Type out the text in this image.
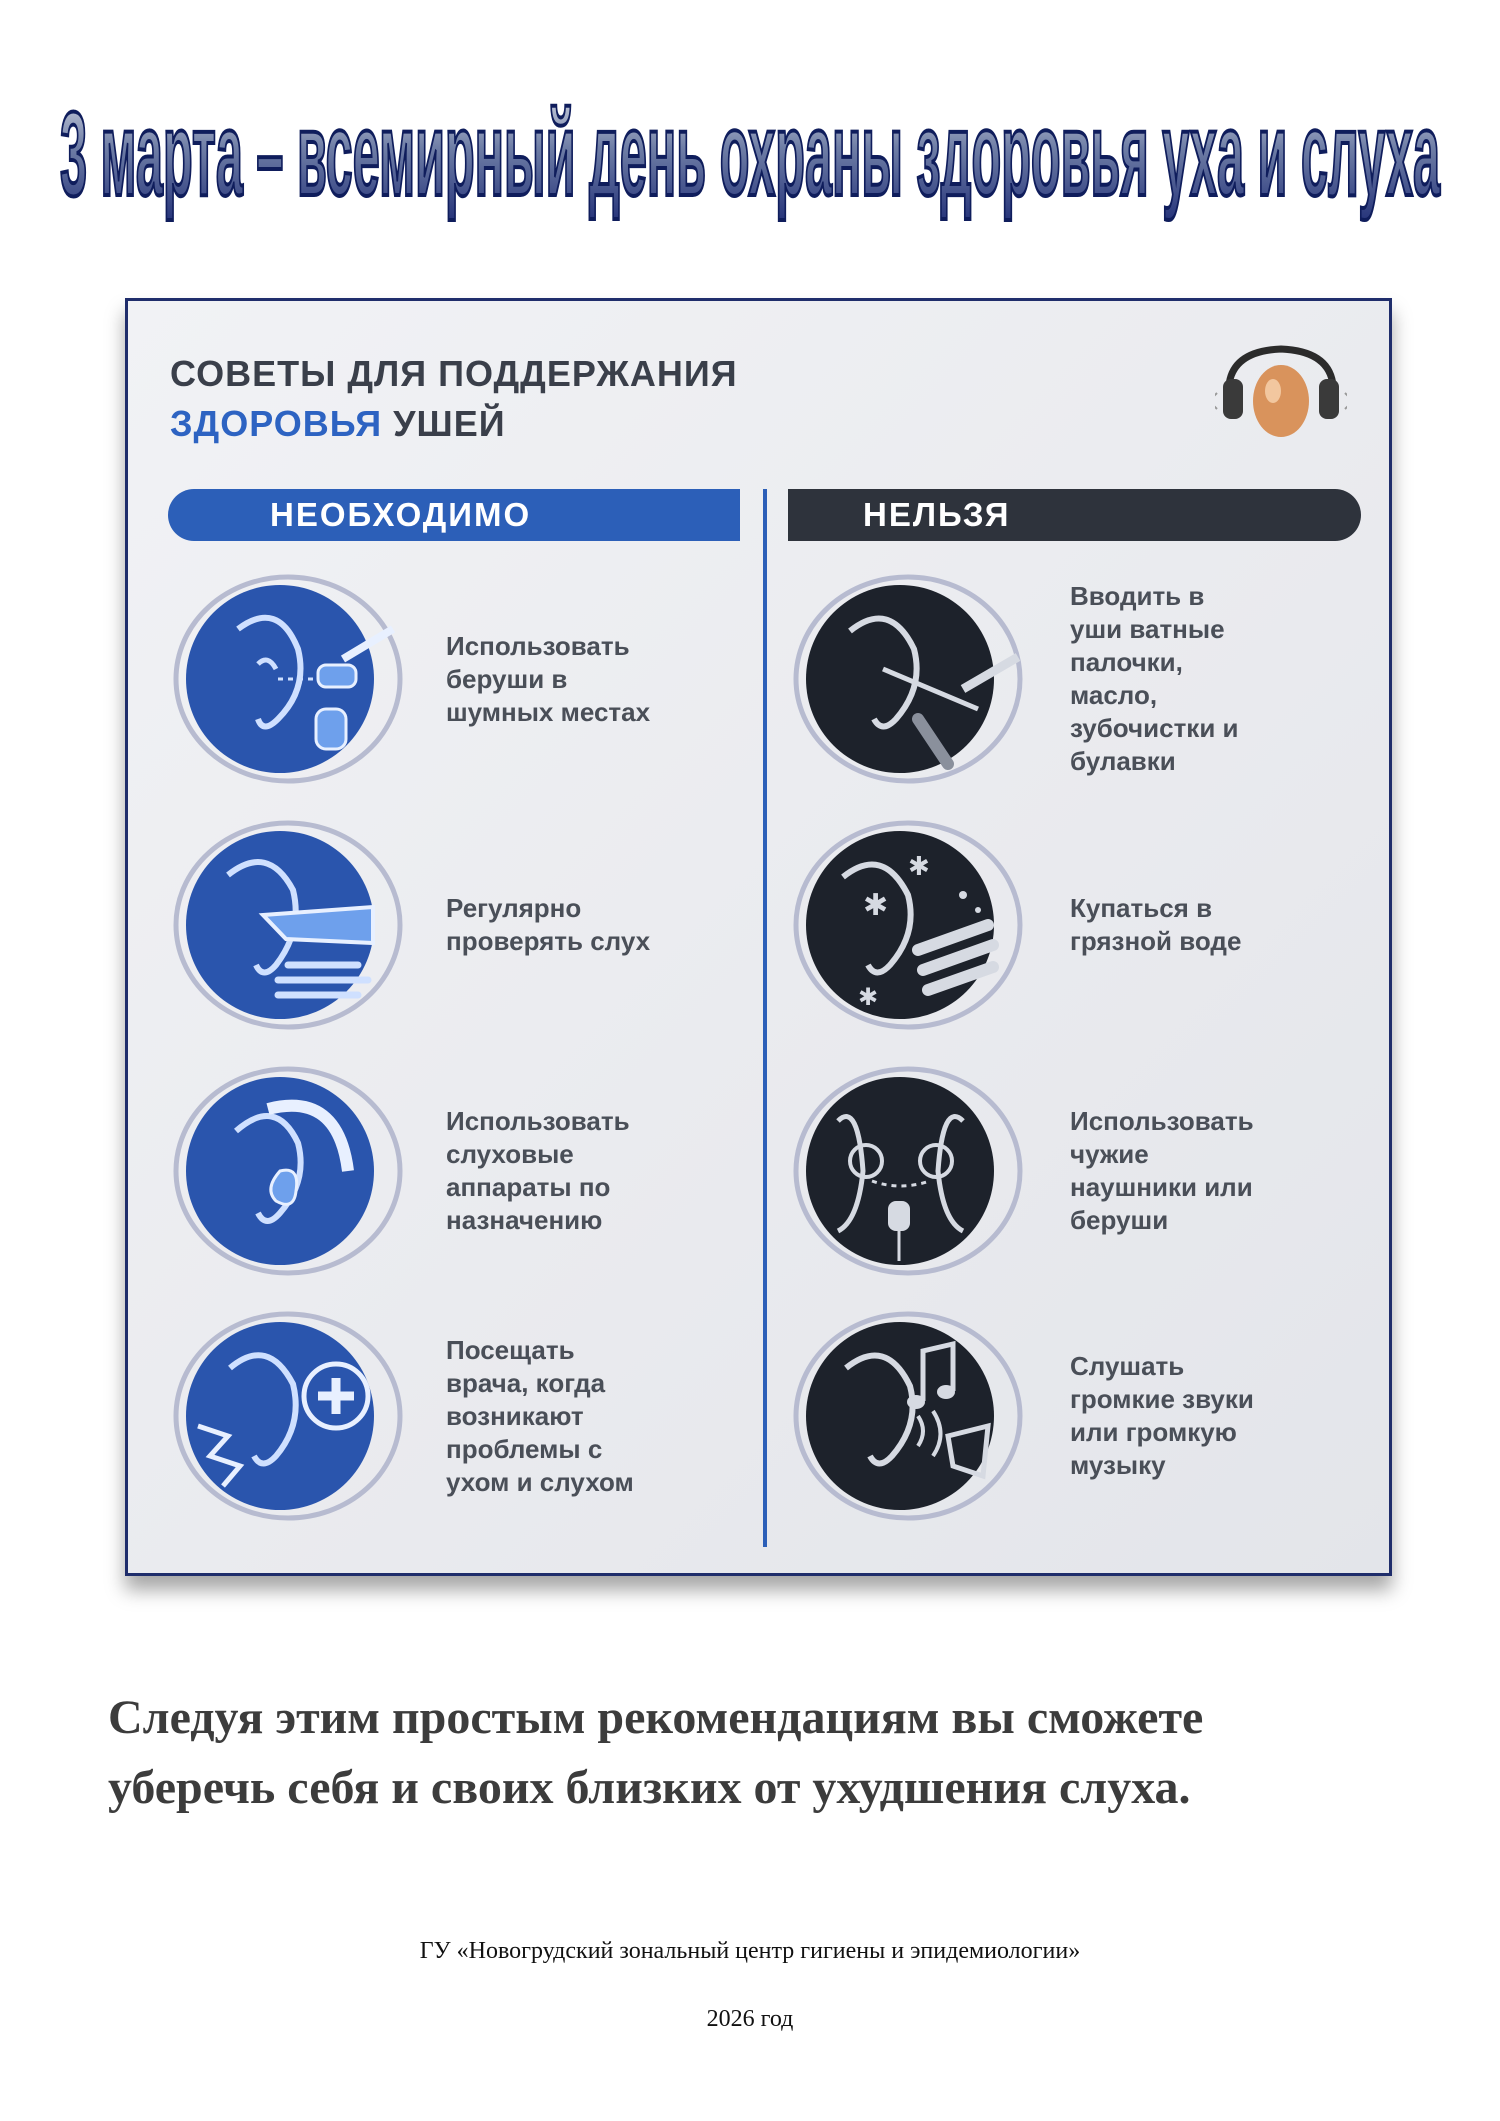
3 марта – всемирный день охраны здоровья уха и слуха
СОВЕТЫ ДЛЯ ПОДДЕРЖАНИЯ
ЗДОРОВЬЯ УШЕЙ
НЕОБХОДИМО	НЕЛЬЗЯ
Использовать
беруши в
шумных местах
Регулярно
проверять слух
Использовать
слуховые
аппараты по
назначению
Посещать
врача, когда
возникают
проблемы с
ухом и слухом
Вводить в
уши ватные
палочки,
масло,
зубочистки и
булавки
✱
✱
✱
Купаться в
грязной воде
Использовать
чужие
наушники или
беруши
Слушать
громкие звуки
или громкую
музыку
Следуя этим простым рекомендациям вы сможете
уберечь себя и своих близких от ухудшения слуха.

ГУ «Новогрудский зональный центр гигиены и эпидемиологии»

2026 год
